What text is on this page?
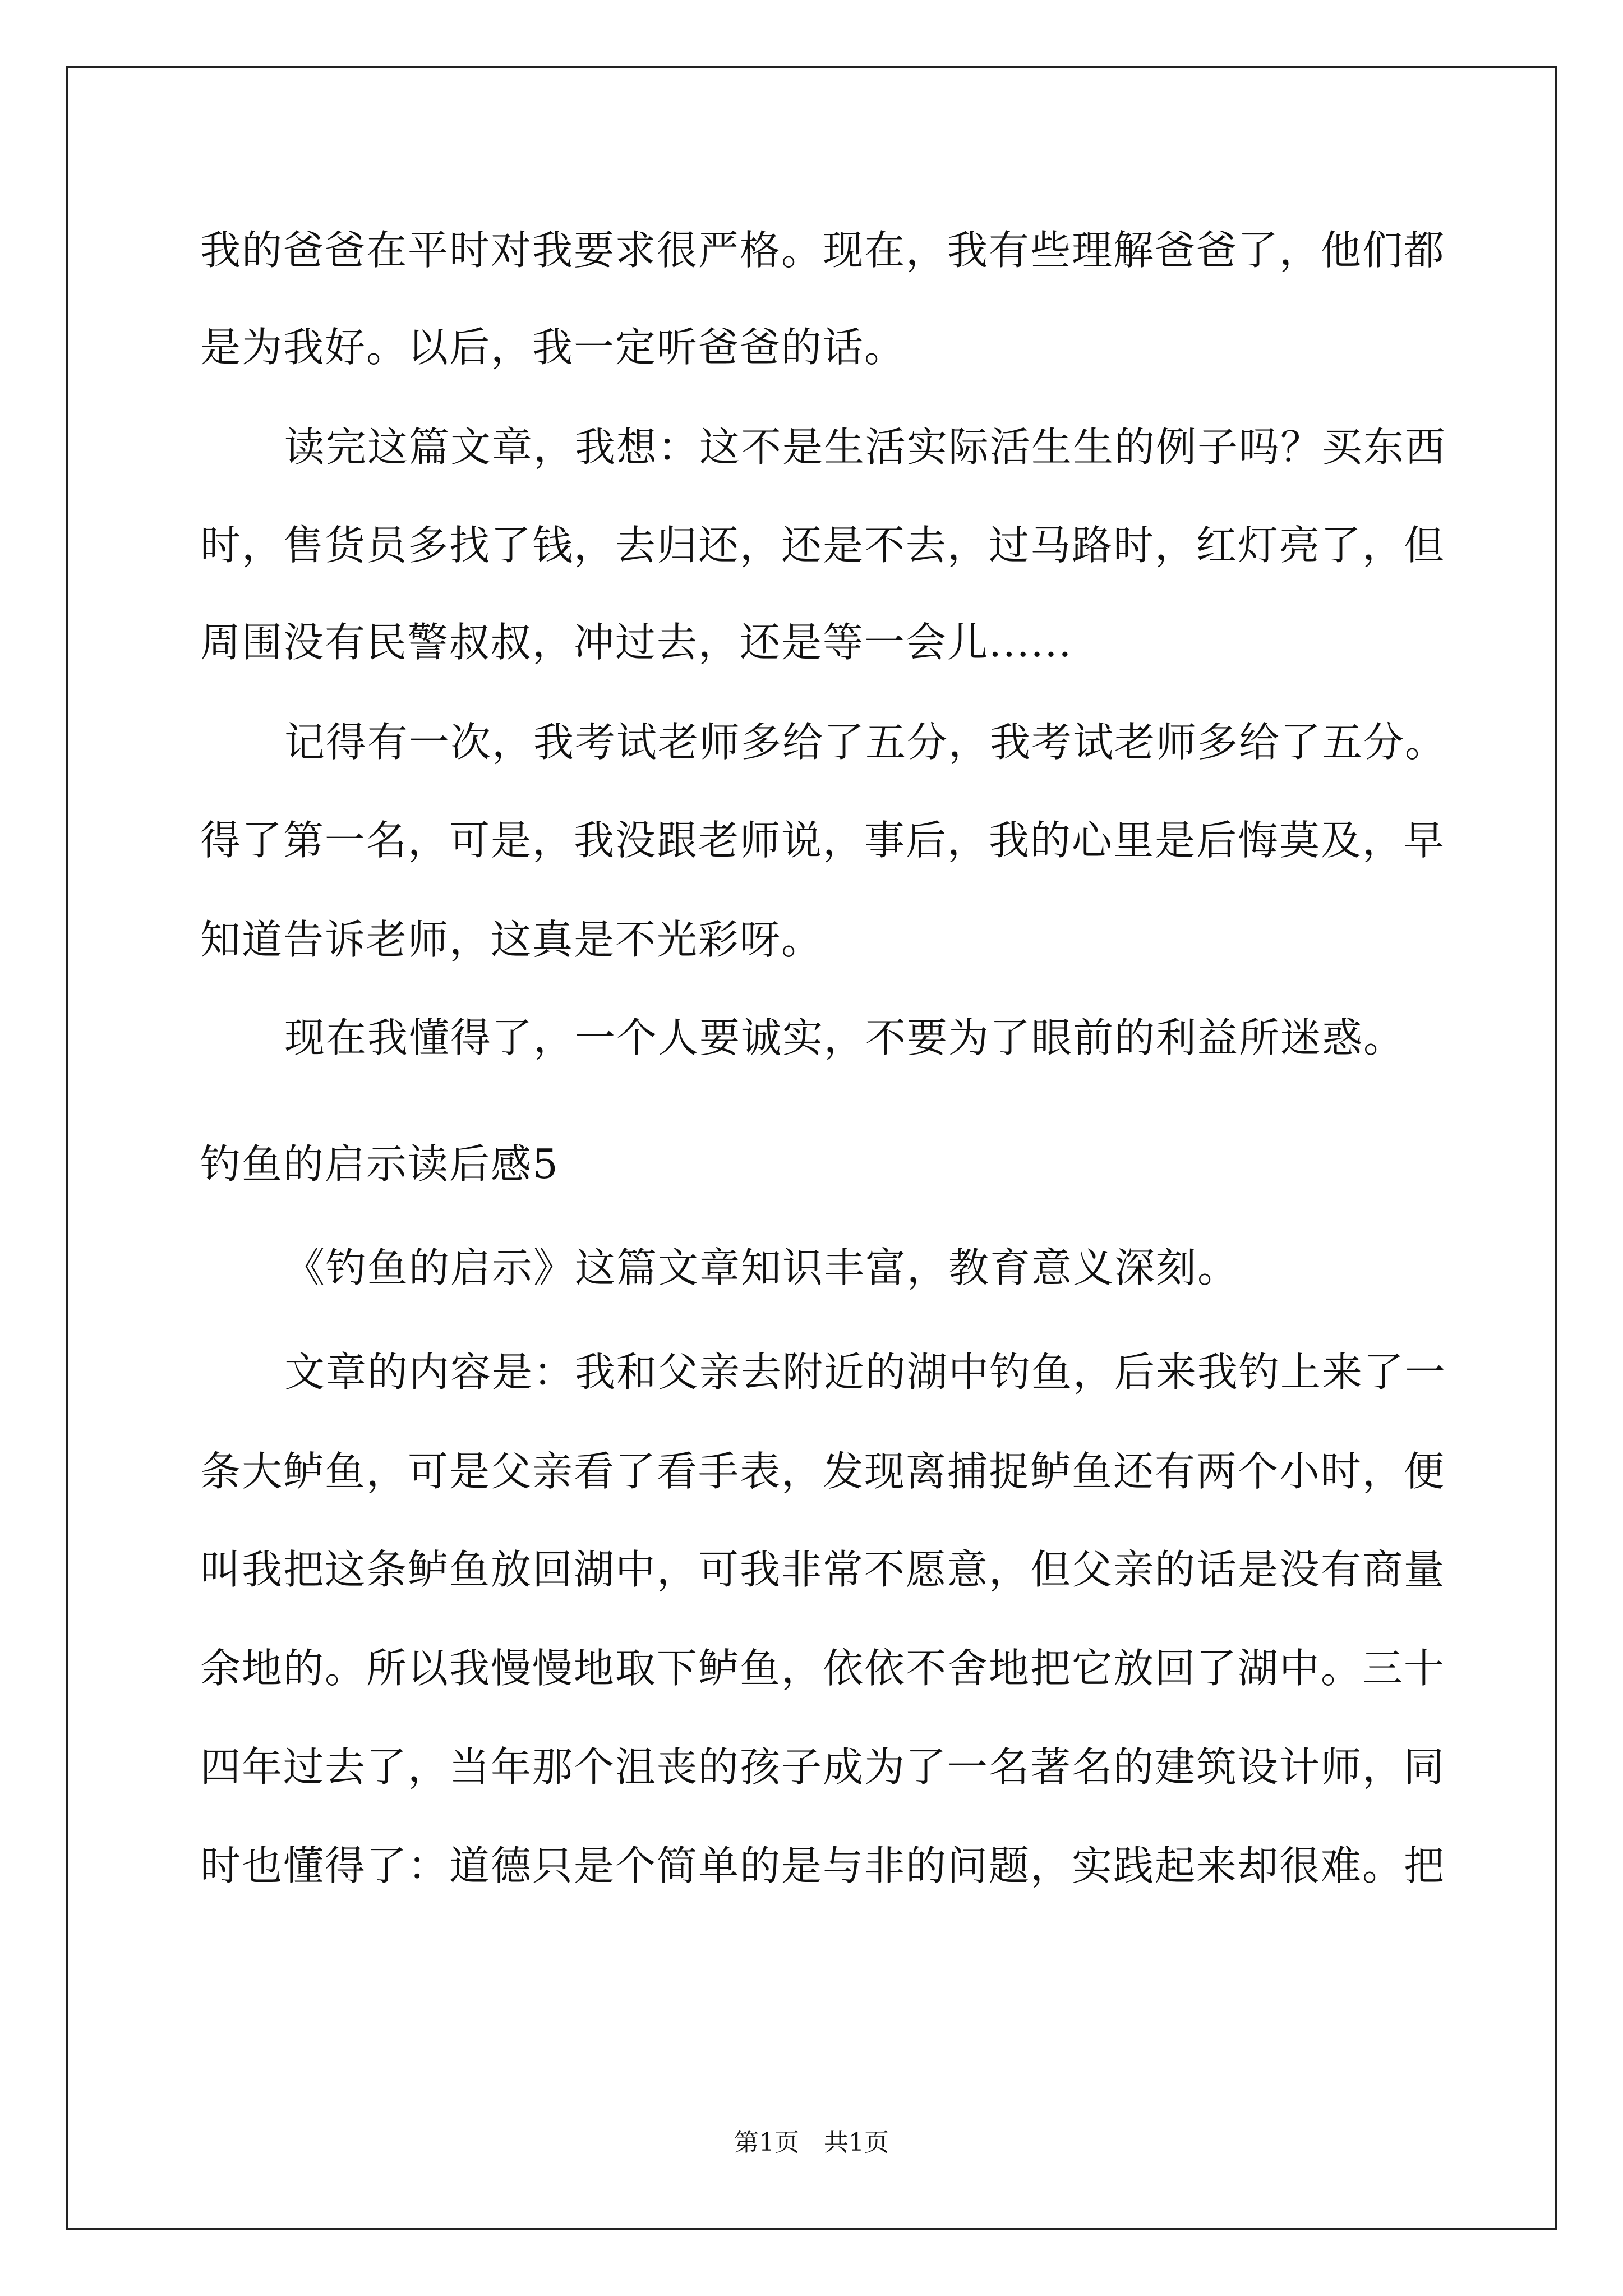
我的爸爸在平时对我要求很严格。现在，我有些理解爸爸了，他们都
是为我好。以后，我一定听爸爸的话。
读完这篇文章，我想：这不是生活实际活生生的例子吗？买东西
时，售货员多找了钱，去归还，还是不去，过马路时，红灯亮了，但
周围没有民警叔叔，冲过去，还是等一会儿......
记得有一次，我考试老师多给了五分，我考试老师多给了五分。
得了第一名，可是，我没跟老师说，事后，我的心里是后悔莫及，早
知道告诉老师，这真是不光彩呀。
现在我懂得了，一个人要诚实，不要为了眼前的利益所迷惑。
钓鱼的启示读后感5
《钓鱼的启示》这篇文章知识丰富，教育意义深刻。
文章的内容是：我和父亲去附近的湖中钓鱼，后来我钓上来了一
条大鲈鱼，可是父亲看了看手表，发现离捕捉鲈鱼还有两个小时，便
叫我把这条鲈鱼放回湖中，可我非常不愿意，但父亲的话是没有商量
余地的。所以我慢慢地取下鲈鱼，依依不舍地把它放回了湖中。三十
四年过去了，当年那个沮丧的孩子成为了一名著名的建筑设计师，同
时也懂得了：道德只是个简单的是与非的问题，实践起来却很难。把
第1页　共1页
